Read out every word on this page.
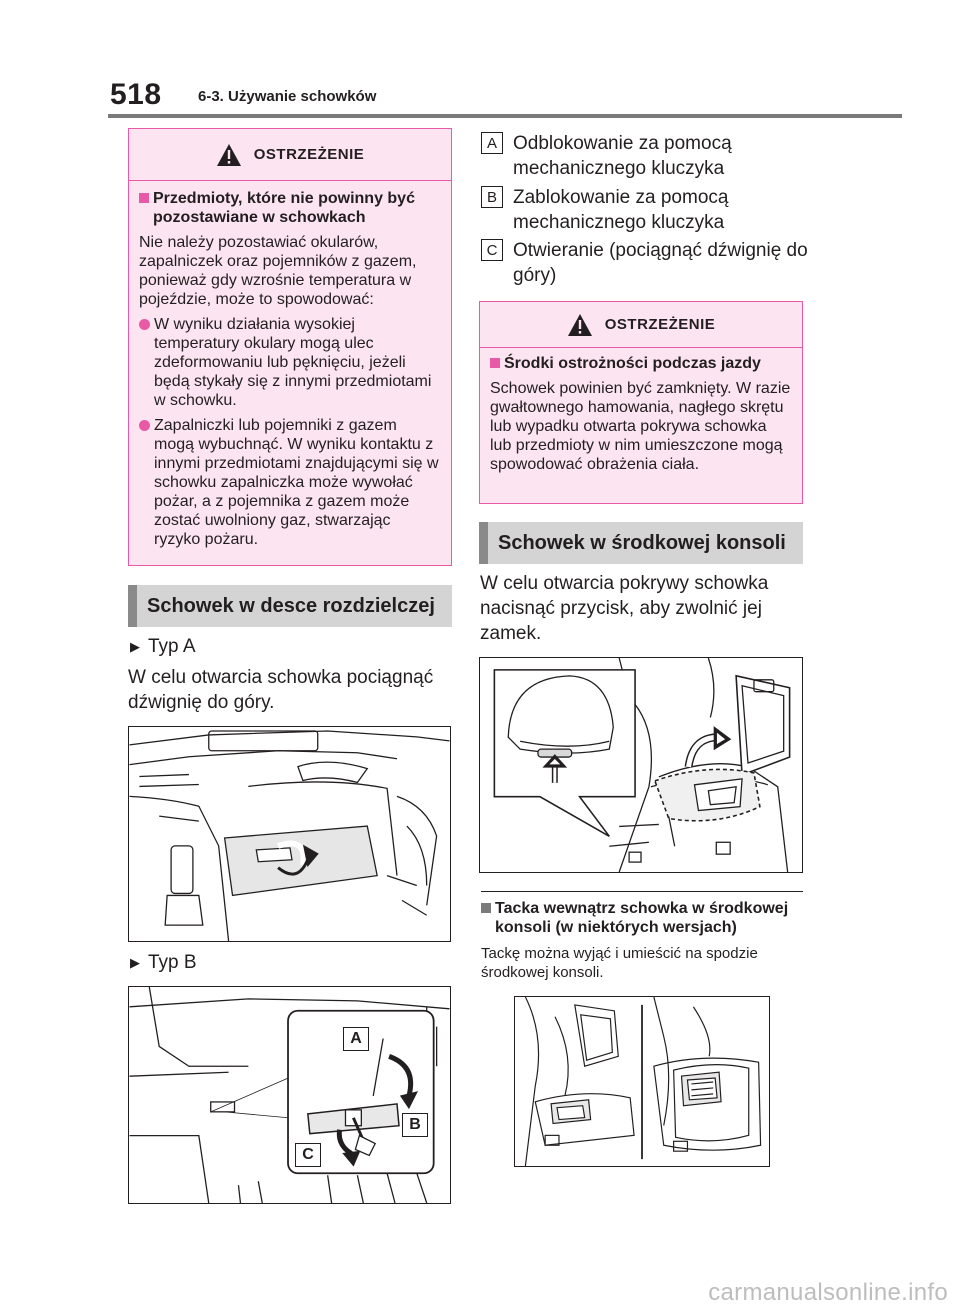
518 6-3. Używanie schowków
OSTRZEŻENIE
Przedmioty, które nie powinny być pozostawiane w schowkach
Nie należy pozostawiać okularów, zapalniczek oraz pojemników z gazem, ponieważ gdy wzrośnie temperatura w pojeździe, może to spowodować:
W wyniku działania wysokiej temperatury okulary mogą ulec zdeformowaniu lub pęknięciu, jeżeli będą stykały się z innymi przedmiotami w schowku.
Zapalniczki lub pojemniki z gazem mogą wybuchnąć. W wyniku kontaktu z innymi przedmiotami znajdującymi się w schowku zapalniczka może wywołać pożar, a z pojemnika z gazem może zostać uwolniony gaz, stwarzając ryzyko pożaru.
Schowek w desce rozdzielczej
▶ Typ A
W celu otwarcia schowka pociągnąć dźwignię do góry.
▶ Typ B
A
B
C
A Odblokowanie za pomocą mechanicznego kluczyka
B Zablokowanie za pomocą mechanicznego kluczyka
C Otwieranie (pociągnąć dźwignię do góry)
OSTRZEŻENIE
Środki ostrożności podczas jazdy
Schowek powinien być zamknięty. W razie gwałtownego hamowania, nagłego skrętu lub wypadku otwarta pokrywa schowka lub przedmioty w nim umieszczone mogą spowodować obrażenia ciała.
Schowek w środkowej konsoli
W celu otwarcia pokrywy schowka nacisnąć przycisk, aby zwolnić jej zamek.
Tacka wewnątrz schowka w środkowej konsoli (w niektórych wersjach)
Tackę można wyjąć i umieścić na spodzie środkowej konsoli.
carmanualsonline.info
